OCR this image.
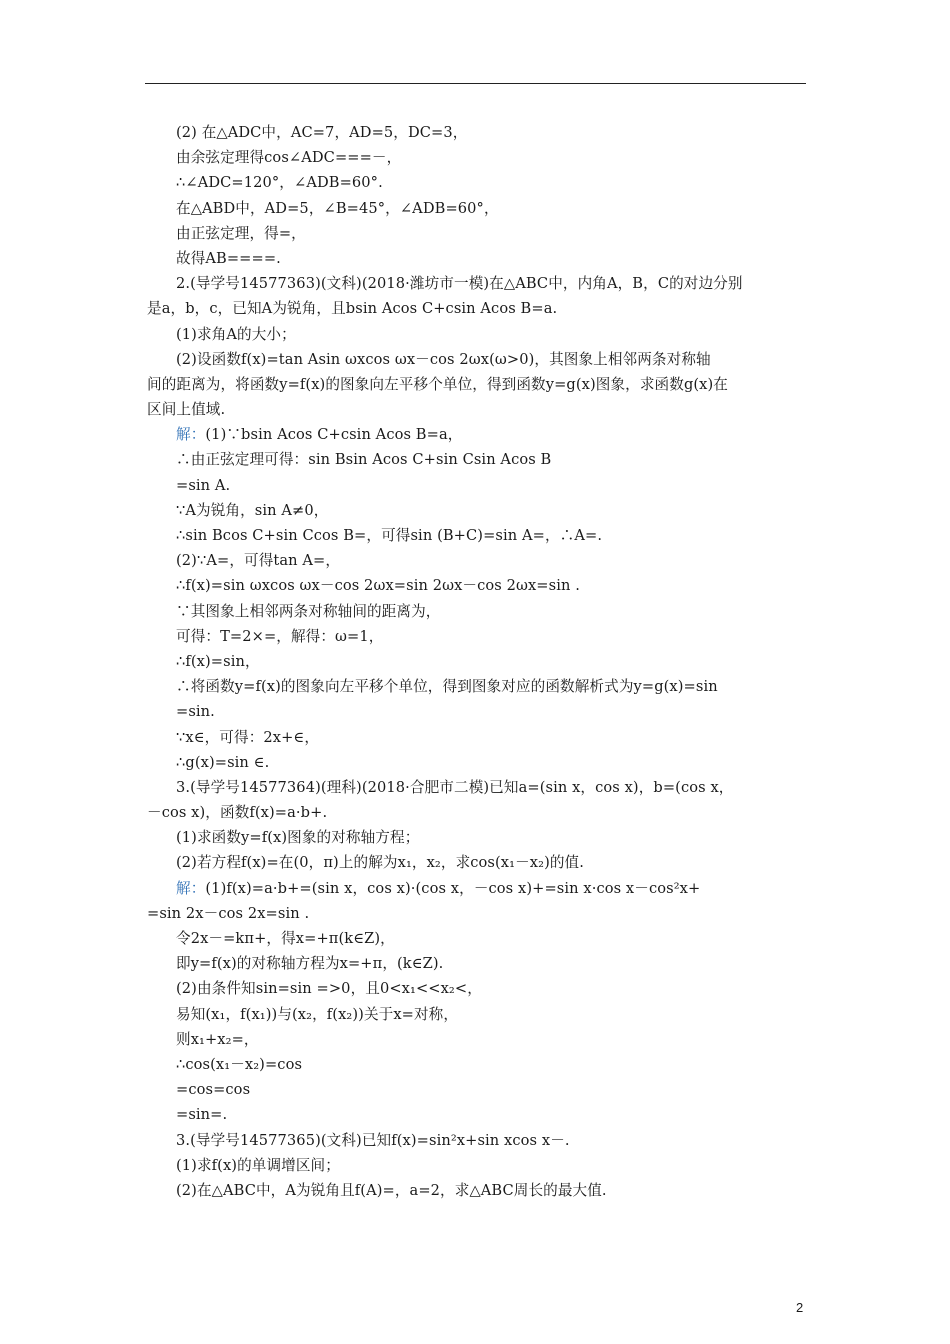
(2) 在△ADC中，AC=7，AD=5，DC=3，
由余弦定理得cos∠ADC===－，
∴∠ADC=120°，∠ADB=60°.
在△ABD中，AD=5，∠B=45°，∠ADB=60°，
由正弦定理，得=，
故得AB====.
2.(导学号14577363)(文科)(2018·潍坊市一模)在△ABC中，内角A，B，C的对边分别
是a，b，c，已知A为锐角，且bsin Acos C+csin Acos B=a.
(1)求角A的大小；
(2)设函数f(x)=tan Asin ωxcos ωx－cos 2ωx(ω>0)，其图象上相邻两条对称轴
间的距离为，将函数y=f(x)的图象向左平移个单位，得到函数y=g(x)图象，求函数g(x)在
区间上值域.
解：(1)∵bsin Acos C+csin Acos B=a，
∴由正弦定理可得：sin Bsin Acos C+sin Csin Acos B
=sin A.
∵A为锐角，sin A≠0，
∴sin Bcos C+sin Ccos B=，可得sin (B+C)=sin A=，∴A=.
(2)∵A=，可得tan A=，
∴f(x)=sin ωxcos ωx－cos 2ωx=sin 2ωx－cos 2ωx=sin .
∵其图象上相邻两条对称轴间的距离为，
可得：T=2×=，解得：ω=1，
∴f(x)=sin，
∴将函数y=f(x)的图象向左平移个单位，得到图象对应的函数解析式为y=g(x)=sin
=sin.
∵x∈，可得：2x+∈，
∴g(x)=sin ∈.
3.(导学号14577364)(理科)(2018·合肥市二模)已知a=(sin x，cos x)，b=(cos x，
－cos x)，函数f(x)=a·b+.
(1)求函数y=f(x)图象的对称轴方程；
(2)若方程f(x)=在(0，π)上的解为x₁，x₂，求cos(x₁－x₂)的值.
解：(1)f(x)=a·b+=(sin x，cos x)·(cos x，－cos x)+=sin x·cos x－cos²x+
=sin 2x－cos 2x=sin .
令2x－=kπ+，得x=+π(k∈Z)，
即y=f(x)的对称轴方程为x=+π，(k∈Z).
(2)由条件知sin=sin =>0，且0<x₁<<x₂<，
易知(x₁，f(x₁))与(x₂，f(x₂))关于x=对称，
则x₁+x₂=，
∴cos(x₁－x₂)=cos
=cos=cos
=sin=.
3.(导学号14577365)(文科)已知f(x)=sin²x+sin xcos x－.
(1)求f(x)的单调增区间；
(2)在△ABC中，A为锐角且f(A)=，a=2，求△ABC周长的最大值.
2
